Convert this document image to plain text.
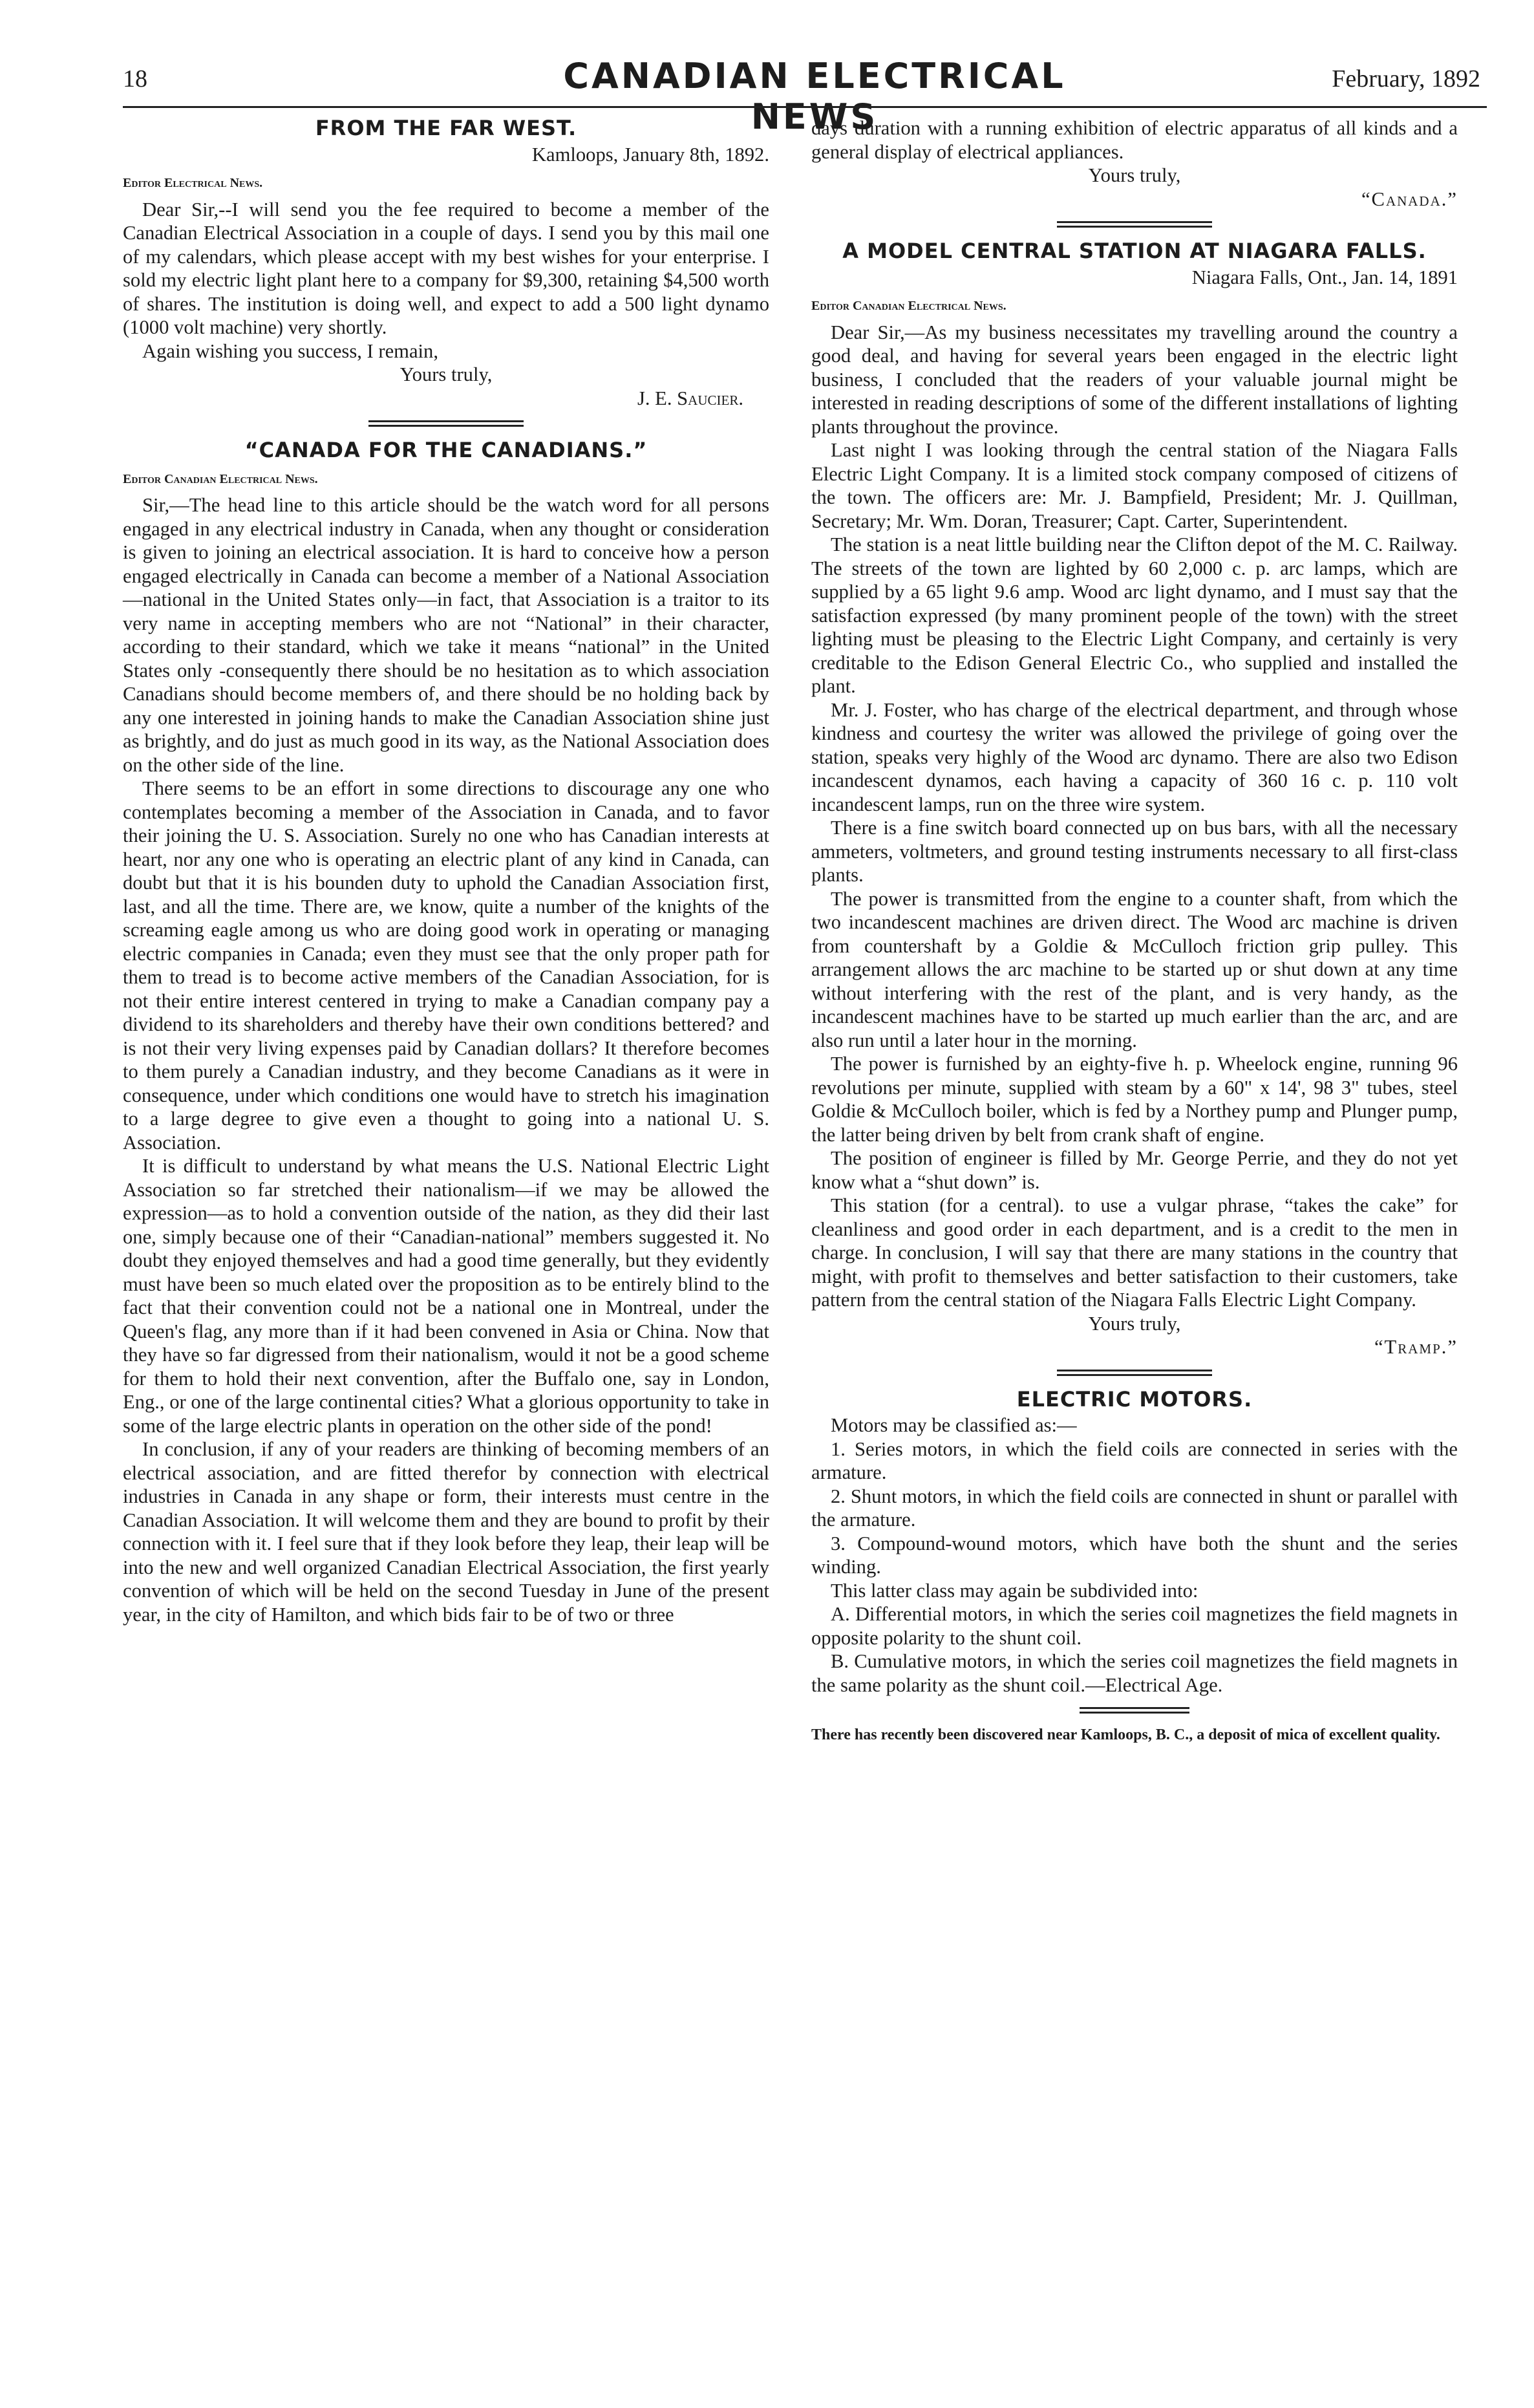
18	CANADIAN ELECTRICAL NEWS
February, 1892
FROM THE FAR WEST.

Kamloops, January 8th, 1892.

Editor Electrical News.

Dear Sir,--I will send you the fee required to become a member of the Canadian Electrical Association in a couple of days. I send you by this mail one of my calendars, which please accept with my best wishes for your enterprise. I sold my electric light plant here to a company for $9,300, retaining $4,500 worth of shares. The institution is doing well, and expect to add a 500 light dynamo (1000 volt machine) very shortly.

Again wishing you success, I remain,

Yours truly,

J. E. Saucier.

“CANADA FOR THE CANADIANS.”

Editor Canadian Electrical News.

Sir,—The head line to this article should be the watch word for all persons engaged in any electrical industry in Canada, when any thought or consideration is given to joining an electrical association. It is hard to conceive how a person engaged electrically in Canada can become a member of a National Association—national in the United States only—in fact, that Association is a traitor to its very name in accepting members who are not “National” in their character, according to their standard, which we take it means “national” in the United States only -consequently there should be no hesitation as to which association Canadians should become members of, and there should be no holding back by any one interested in joining hands to make the Canadian Association shine just as brightly, and do just as much good in its way, as the National Association does on the other side of the line.

There seems to be an effort in some directions to discourage any one who contemplates becoming a member of the Association in Canada, and to favor their joining the U. S. Association. Surely no one who has Canadian interests at heart, nor any one who is operating an electric plant of any kind in Canada, can doubt but that it is his bounden duty to uphold the Canadian Association first, last, and all the time. There are, we know, quite a number of the knights of the screaming eagle among us who are doing good work in operating or managing electric companies in Canada; even they must see that the only proper path for them to tread is to become active members of the Canadian Association, for is not their entire interest centered in trying to make a Canadian company pay a dividend to its shareholders and thereby have their own conditions bettered? and is not their very living expenses paid by Canadian dollars? It therefore becomes to them purely a Canadian industry, and they become Canadians as it were in consequence, under which conditions one would have to stretch his imagination to a large degree to give even a thought to going into a national U. S. Association.

It is difficult to understand by what means the U.S. National Electric Light Association so far stretched their nationalism—if we may be allowed the expression—as to hold a convention outside of the nation, as they did their last one, simply because one of their “Canadian-national” members suggested it. No doubt they enjoyed themselves and had a good time generally, but they evidently must have been so much elated over the proposition as to be entirely blind to the fact that their convention could not be a national one in Montreal, under the Queen's flag, any more than if it had been convened in Asia or China. Now that they have so far digressed from their nationalism, would it not be a good scheme for them to hold their next convention, after the Buffalo one, say in London, Eng., or one of the large continental cities? What a glorious opportunity to take in some of the large electric plants in operation on the other side of the pond!

In conclusion, if any of your readers are thinking of becoming members of an electrical association, and are fitted therefor by connection with electrical industries in Canada in any shape or form, their interests must centre in the Canadian Association. It will welcome them and they are bound to profit by their connection with it. I feel sure that if they look before they leap, their leap will be into the new and well organized Canadian Electrical Association, the first yearly convention of which will be held on the second Tuesday in June of the present year, in the city of Hamilton, and which bids fair to be of two or three

days duration with a running exhibition of electric apparatus of all kinds and a general display of electrical appliances.

Yours truly,

“Canada.”

A MODEL CENTRAL STATION AT NIAGARA FALLS.

Niagara Falls, Ont., Jan. 14, 1891

Editor Canadian Electrical News.

Dear Sir,—As my business necessitates my travelling around the country a good deal, and having for several years been engaged in the electric light business, I concluded that the readers of your valuable journal might be interested in reading descriptions of some of the different installations of lighting plants throughout the province.

Last night I was looking through the central station of the Niagara Falls Electric Light Company. It is a limited stock company composed of citizens of the town. The officers are: Mr. J. Bampfield, President; Mr. J. Quillman, Secretary; Mr. Wm. Doran, Treasurer; Capt. Carter, Superintendent.

The station is a neat little building near the Clifton depot of the M. C. Railway. The streets of the town are lighted by 60 2,000 c. p. arc lamps, which are supplied by a 65 light 9.6 amp. Wood arc light dynamo, and I must say that the satisfaction expressed (by many prominent people of the town) with the street lighting must be pleasing to the Electric Light Company, and certainly is very creditable to the Edison General Electric Co., who supplied and installed the plant.

Mr. J. Foster, who has charge of the electrical department, and through whose kindness and courtesy the writer was allowed the privilege of going over the station, speaks very highly of the Wood arc dynamo. There are also two Edison incandescent dynamos, each having a capacity of 360 16 c. p. 110 volt incandescent lamps, run on the three wire system.

There is a fine switch board connected up on bus bars, with all the necessary ammeters, voltmeters, and ground testing instruments necessary to all first-class plants.

The power is transmitted from the engine to a counter shaft, from which the two incandescent machines are driven direct. The Wood arc machine is driven from countershaft by a Goldie & McCulloch friction grip pulley. This arrangement allows the arc machine to be started up or shut down at any time without interfering with the rest of the plant, and is very handy, as the incandescent machines have to be started up much earlier than the arc, and are also run until a later hour in the morning.

The power is furnished by an eighty-five h. p. Wheelock engine, running 96 revolutions per minute, supplied with steam by a 60" x 14', 98 3" tubes, steel Goldie & McCulloch boiler, which is fed by a Northey pump and Plunger pump, the latter being driven by belt from crank shaft of engine.

The position of engineer is filled by Mr. George Perrie, and they do not yet know what a “shut down” is.

This station (for a central). to use a vulgar phrase, “takes the cake” for cleanliness and good order in each department, and is a credit to the men in charge. In conclusion, I will say that there are many stations in the country that might, with profit to themselves and better satisfaction to their customers, take pattern from the central station of the Niagara Falls Electric Light Company.

Yours truly,

“Tramp.”

ELECTRIC MOTORS.

Motors may be classified as:—

1. Series motors, in which the field coils are connected in series with the armature.

2. Shunt motors, in which the field coils are connected in shunt or parallel with the armature.

3. Compound-wound motors, which have both the shunt and the series winding.

This latter class may again be subdivided into:

A. Differential motors, in which the series coil magnetizes the field magnets in opposite polarity to the shunt coil.

B. Cumulative motors, in which the series coil magnetizes the field magnets in the same polarity as the shunt coil.—Electrical Age.

There has recently been discovered near Kamloops, B. C., a deposit of mica of excellent quality.
